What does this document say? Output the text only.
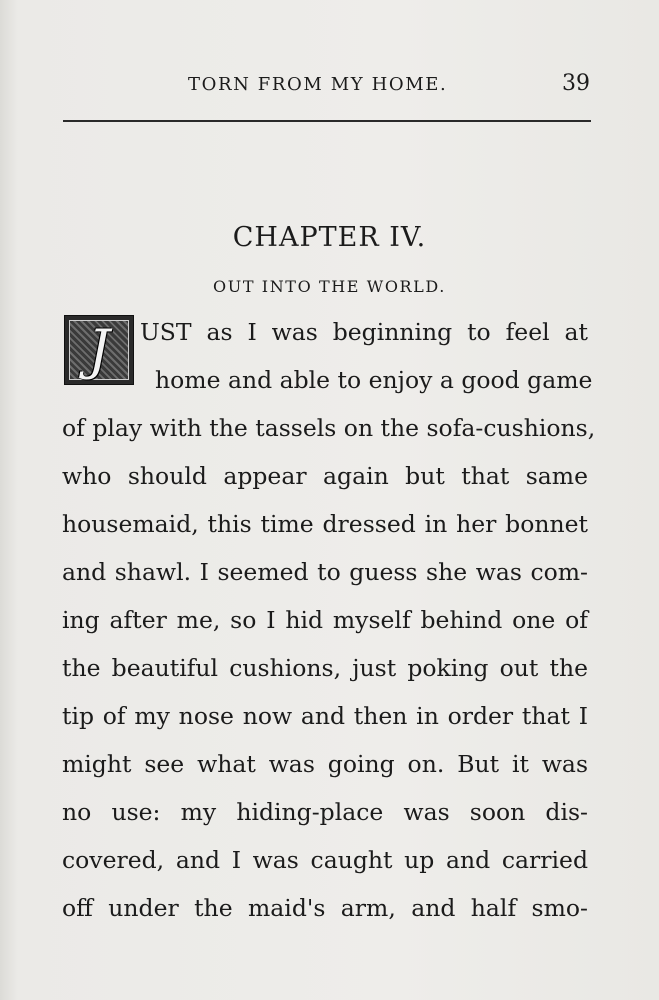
TORN FROM MY HOME.	39
CHAPTER IV.
OUT INTO THE WORLD.
J	UST as I was beginning to feel at
home and able to enjoy a good game
of play with the tassels on the sofa-cushions,
who should appear again but that same
housemaid, this time dressed in her bonnet
and shawl. I seemed to guess she was com-
ing after me, so I hid myself behind one of
the beautiful cushions, just poking out the
tip of my nose now and then in order that I
might see what was going on. But it was
no use: my hiding-place was soon dis-
covered, and I was caught up and carried
off under the maid's arm, and half smo-
